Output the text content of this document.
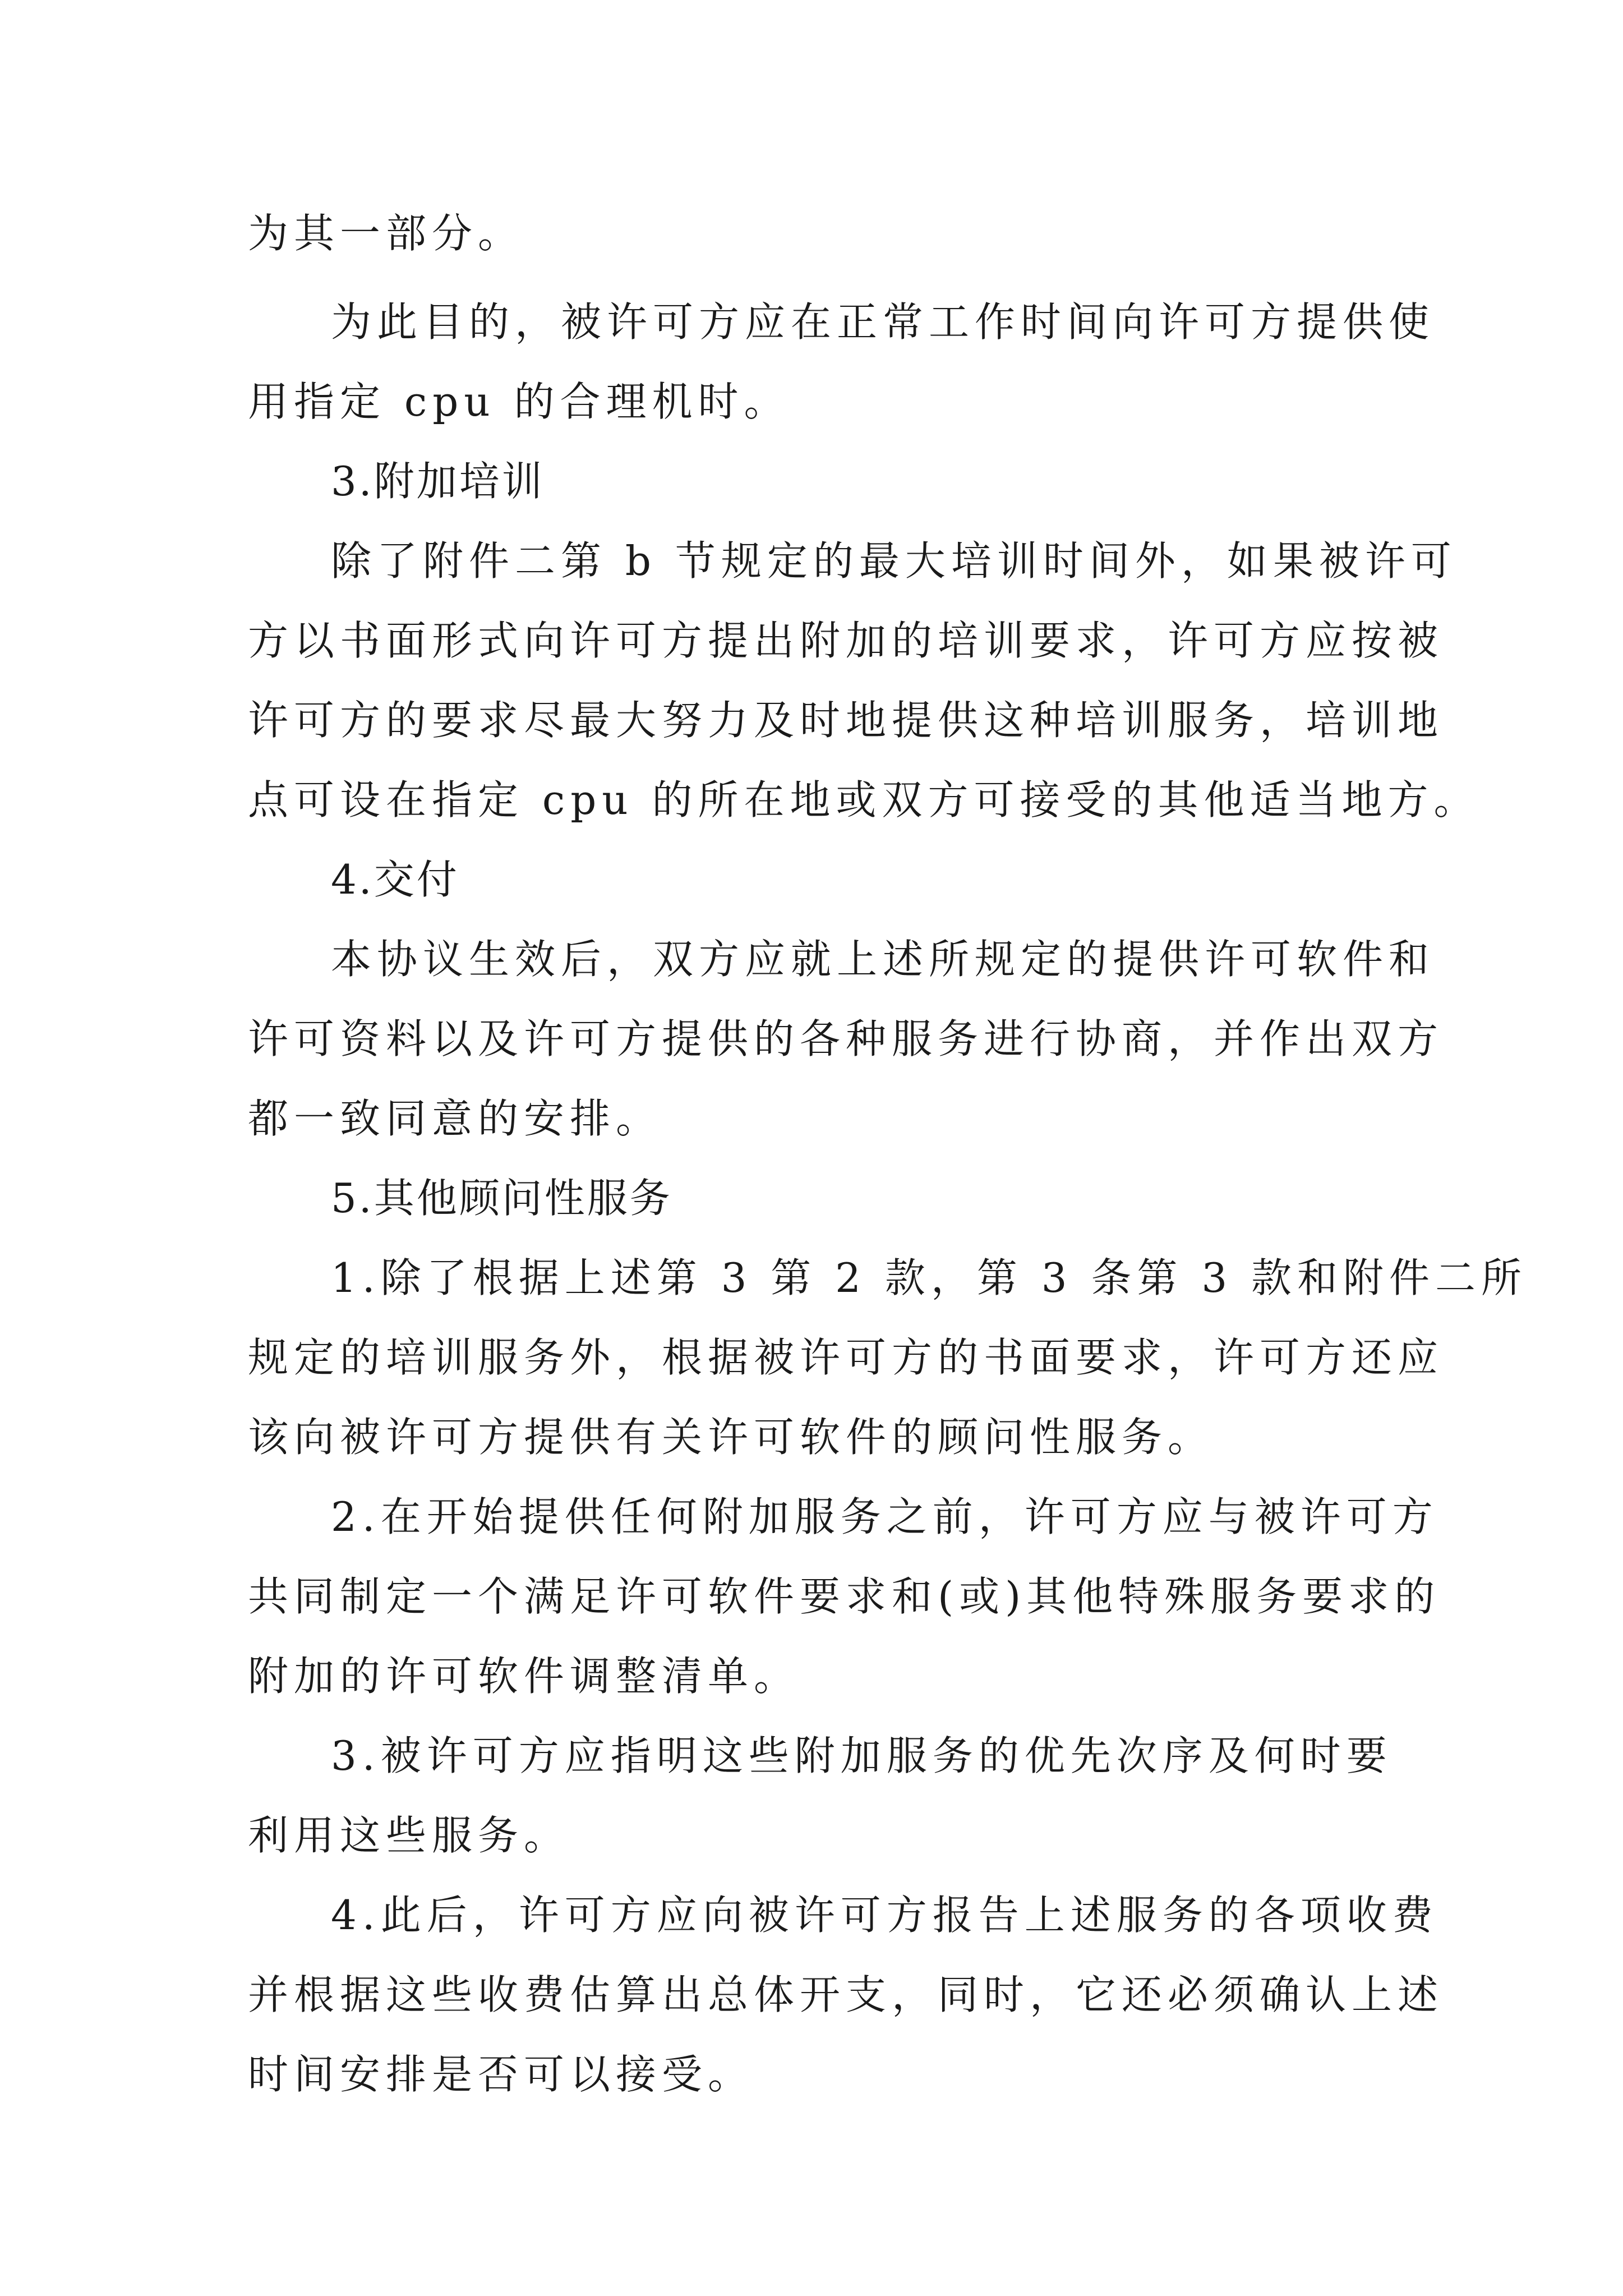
为其一部分。
为此目的，被许可方应在正常工作时间向许可方提供使
用指定 cpu 的合理机时。
3.附加培训
除了附件二第 b 节规定的最大培训时间外，如果被许可
方以书面形式向许可方提出附加的培训要求，许可方应按被
许可方的要求尽最大努力及时地提供这种培训服务，培训地
点可设在指定 cpu 的所在地或双方可接受的其他适当地方。
4.交付
本协议生效后，双方应就上述所规定的提供许可软件和
许可资料以及许可方提供的各种服务进行协商，并作出双方
都一致同意的安排。
5.其他顾问性服务
1.除了根据上述第 3 第 2 款，第 3 条第 3 款和附件二所
规定的培训服务外，根据被许可方的书面要求，许可方还应
该向被许可方提供有关许可软件的顾问性服务。
2.在开始提供任何附加服务之前，许可方应与被许可方
共同制定一个满足许可软件要求和(或)其他特殊服务要求的
附加的许可软件调整清单。
3.被许可方应指明这些附加服务的优先次序及何时要
利用这些服务。
4.此后，许可方应向被许可方报告上述服务的各项收费
并根据这些收费估算出总体开支，同时，它还必须确认上述
时间安排是否可以接受。
